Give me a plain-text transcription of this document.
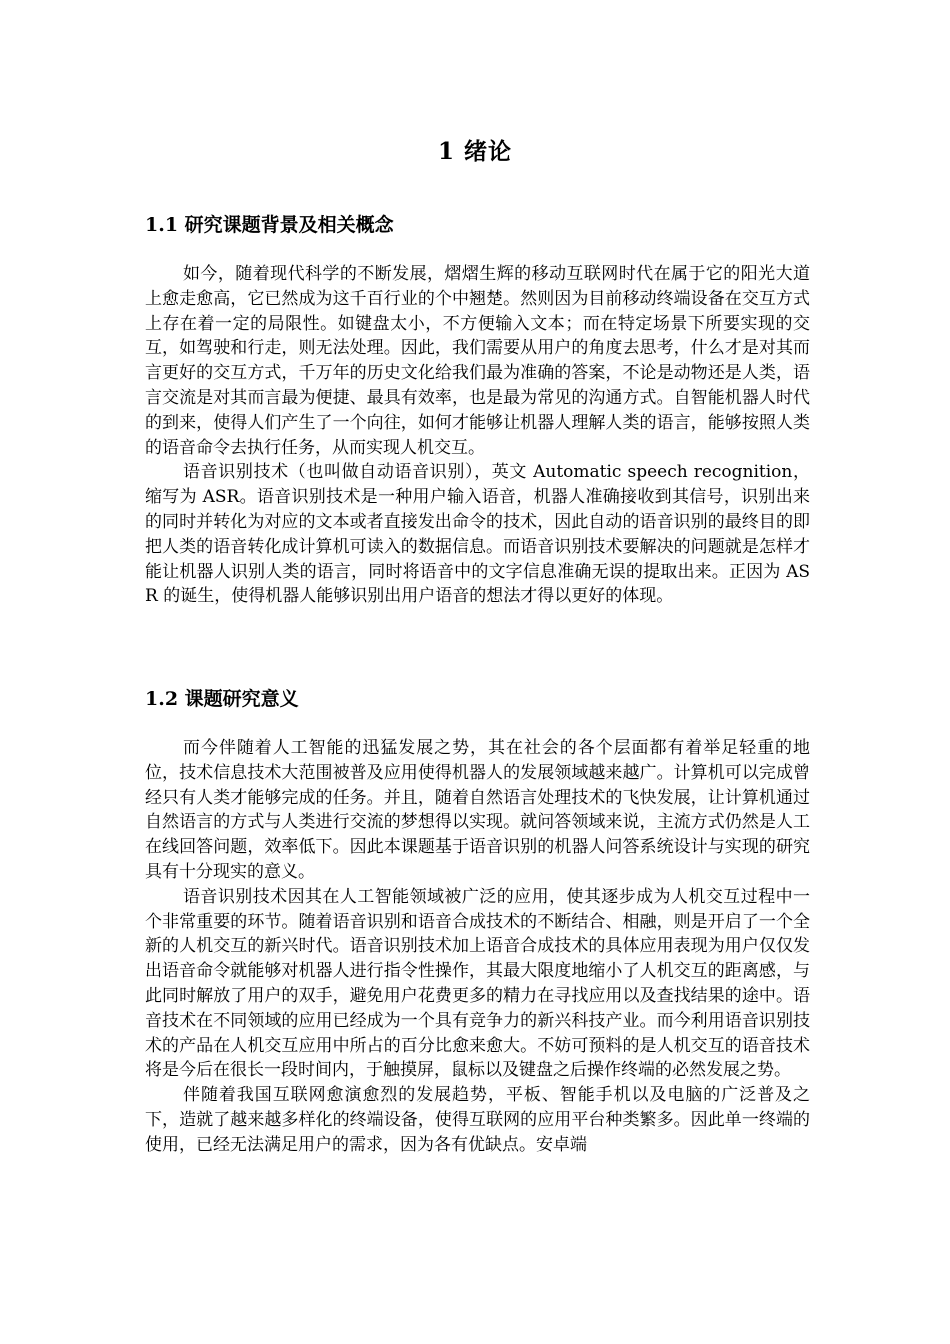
1 绪论
1.1 研究课题背景及相关概念

如今，随着现代科学的不断发展，熠熠生辉的移动互联网时代在属于它的阳光大道上愈走愈高，它已然成为这千百行业的个中翘楚。然则因为目前移动终端设备在交互方式上存在着一定的局限性。如键盘太小，不方便输入文本；而在特定场景下所要实现的交互，如驾驶和行走，则无法处理。因此，我们需要从用户的角度去思考，什么才是对其而言更好的交互方式，千万年的历史文化给我们最为准确的答案，不论是动物还是人类，语言交流是对其而言最为便捷、最具有效率，也是最为常见的沟通方式。自智能机器人时代的到来，使得人们产生了一个向往，如何才能够让机器人理解人类的语言，能够按照人类的语音命令去执行任务，从而实现人机交互。

语音识别技术（也叫做自动语音识别），英文 Automatic speech recognition，缩写为 ASR。语音识别技术是一种用户输入语音，机器人准确接收到其信号，识别出来的同时并转化为对应的文本或者直接发出命令的技术，因此自动的语音识别的最终目的即把人类的语音转化成计算机可读入的数据信息。而语音识别技术要解决的问题就是怎样才能让机器人识别人类的语言，同时将语音中的文字信息准确无误的提取出来。正因为 ASR 的诞生，使得机器人能够识别出用户语音的想法才得以更好的体现。

1.2 课题研究意义

而今伴随着人工智能的迅猛发展之势，其在社会的各个层面都有着举足轻重的地位，技术信息技术大范围被普及应用使得机器人的发展领域越来越广。计算机可以完成曾经只有人类才能够完成的任务。并且，随着自然语言处理技术的飞快发展，让计算机通过自然语言的方式与人类进行交流的梦想得以实现。就问答领域来说，主流方式仍然是人工在线回答问题，效率低下。因此本课题基于语音识别的机器人问答系统设计与实现的研究具有十分现实的意义。

语音识别技术因其在人工智能领域被广泛的应用，使其逐步成为人机交互过程中一个非常重要的环节。随着语音识别和语音合成技术的不断结合、相融，则是开启了一个全新的人机交互的新兴时代。语音识别技术加上语音合成技术的具体应用表现为用户仅仅发出语音命令就能够对机器人进行指令性操作，其最大限度地缩小了人机交互的距离感，与此同时解放了用户的双手，避免用户花费更多的精力在寻找应用以及查找结果的途中。语音技术在不同领域的应用已经成为一个具有竞争力的新兴科技产业。而今利用语音识别技术的产品在人机交互应用中所占的百分比愈来愈大。不妨可预料的是人机交互的语音技术将是今后在很长一段时间内，于触摸屏，鼠标以及键盘之后操作终端的必然发展之势。

伴随着我国互联网愈演愈烈的发展趋势，平板、智能手机以及电脑的广泛普及之下，造就了越来越多样化的终端设备，使得互联网的应用平台种类繁多。因此单一终端的使用，已经无法满足用户的需求，因为各有优缺点。安卓端
